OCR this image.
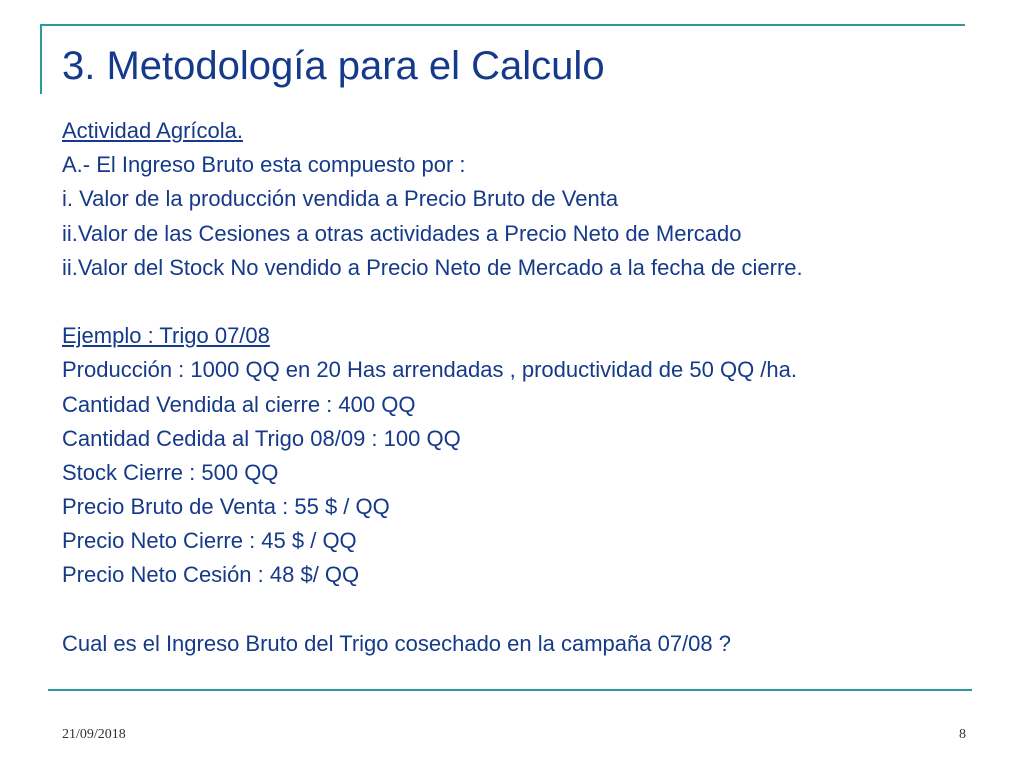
3. Metodología para el Calculo
Actividad Agrícola.
A.- El Ingreso Bruto esta compuesto por :
i. Valor de la producción vendida a Precio Bruto de Venta
ii.Valor de las Cesiones a otras actividades a Precio Neto de Mercado
ii.Valor del Stock No vendido a Precio Neto de Mercado a la fecha de cierre.
Ejemplo : Trigo 07/08
Producción : 1000 QQ en 20 Has arrendadas , productividad de 50 QQ /ha.
Cantidad Vendida al cierre : 400 QQ
Cantidad Cedida al Trigo 08/09 : 100 QQ
Stock Cierre : 500 QQ
Precio Bruto de Venta : 55 $ / QQ
Precio Neto Cierre : 45 $ / QQ
Precio Neto Cesión : 48 $/ QQ
Cual es el Ingreso Bruto del Trigo cosechado en la campaña 07/08 ?
21/09/2018	8
